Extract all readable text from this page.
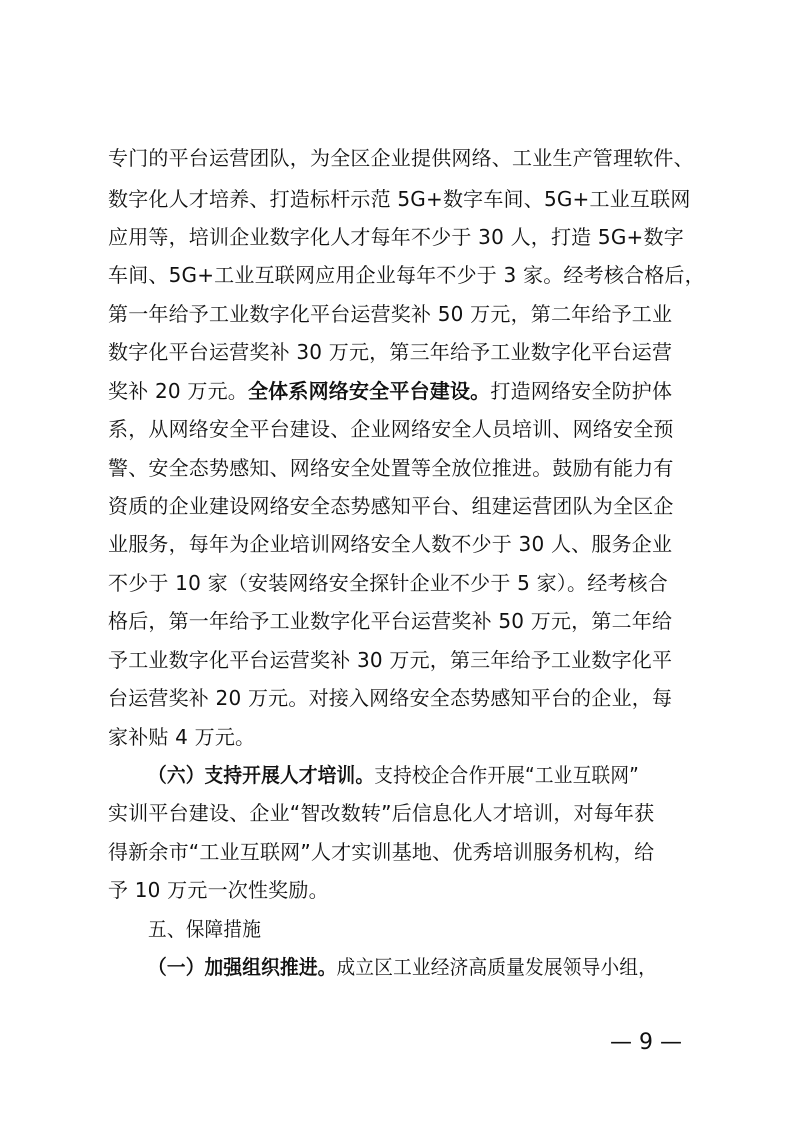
专门的平台运营团队，为全区企业提供网络、工业生产管理软件、
数字化人才培养、打造标杆示范 5G+数字车间、5G+工业互联网
应用等，培训企业数字化人才每年不少于 30 人，打造 5G+数字
车间、5G+工业互联网应用企业每年不少于 3 家。经考核合格后，
第一年给予工业数字化平台运营奖补 50 万元，第二年给予工业
数字化平台运营奖补 30 万元，第三年给予工业数字化平台运营
奖补 20 万元。全体系网络安全平台建设。打造网络安全防护体
系，从网络安全平台建设、企业网络安全人员培训、网络安全预
警、安全态势感知、网络安全处置等全放位推进。鼓励有能力有
资质的企业建设网络安全态势感知平台、组建运营团队为全区企
业服务，每年为企业培训网络安全人数不少于 30 人、服务企业
不少于 10 家（安装网络安全探针企业不少于 5 家）。经考核合
格后，第一年给予工业数字化平台运营奖补 50 万元，第二年给
予工业数字化平台运营奖补 30 万元，第三年给予工业数字化平
台运营奖补 20 万元。对接入网络安全态势感知平台的企业，每
家补贴 4 万元。
（六）支持开展人才培训。支持校企合作开展“工业互联网”
实训平台建设、企业“智改数转”后信息化人才培训，对每年获
得新余市“工业互联网”人才实训基地、优秀培训服务机构，给
予 10 万元一次性奖励。
五、保障措施
（一）加强组织推进。成立区工业经济高质量发展领导小组，
— 9 —
